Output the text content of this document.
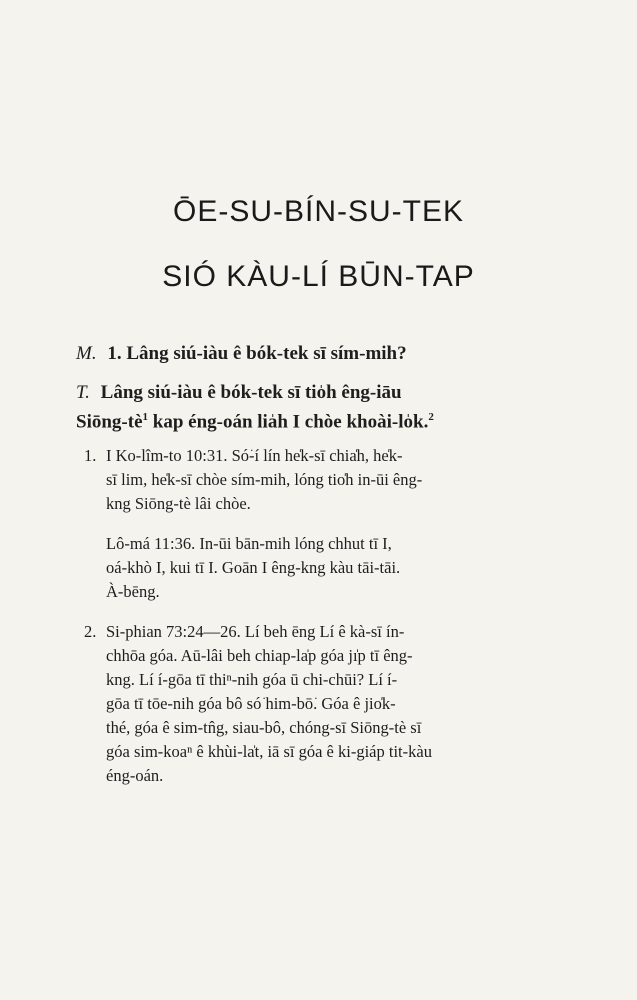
ŌE-SU-BÍN-SU-TEK
SIÓ KÀU-LÍ BŪN-TAP
M. 1. Lâng siú-iàu ê bók-tek sī sím-mih?
T. Lâng siú-iàu ê bók-tek sī tio̍h êng-iāu
Siōng-$tè^1$ kap éng-oán lia̍h I chòe khoài-lo̍k.$^2$
1. I Ko-lîm-to 10:31. Só͘-í lín he̍k-sī chia̍h, he̍k-
sī lim, he̍k-sī chòe sím-mih, lóng tio̍h in-ūi êng-
kng Siōng-tè lâi chòe.
Lô-má 11:36. In-ūi bān-mih lóng chhut tī I,
oá-khò I, kui tī I. Goān I êng-kng kàu tāi-tāi.
À-bēng.
2. Si-phian 73:24—26. Lí beh ēng Lí ê kà-sī ín-
chhōa góa. Aū-lâi beh chiap-la̍p góa jı̍p tī êng-
kng. Lí í-gōa tī thiⁿ-nih góa ū chi-chūi? Lí í-
gōa tī tōe-nih góa bô só͘ him-bō͘. Góa ê jio̍k-
thé, góa ê sim-tn̂g, siau-bô, chóng-sī Siōng-tè sī
góa sim-koaⁿ ê khùi-la̍t, iā sī góa ê ki-giáp tit-kàu
éng-oán.
